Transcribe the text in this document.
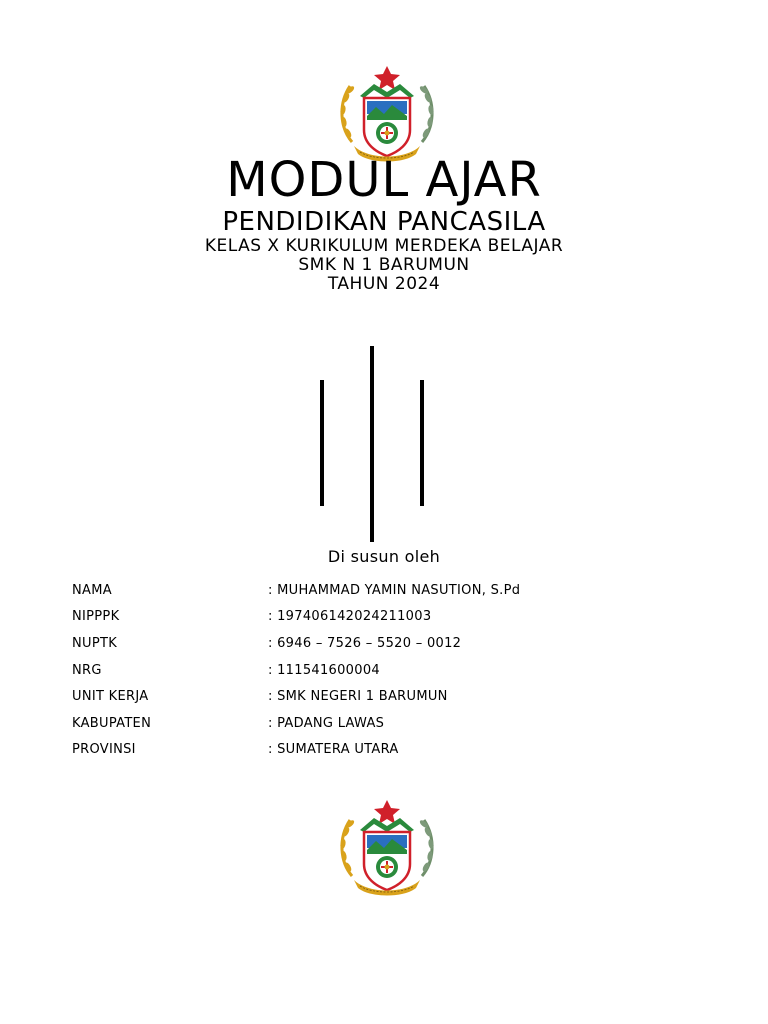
MODUL AJAR
PENDIDIKAN PANCASILA
KELAS X KURIKULUM MERDEKA BELAJAR
SMK N 1 BARUMUN
TAHUN 2024
Di susun oleh
NAMA	: MUHAMMAD YAMIN NASUTION, S.Pd
NIPPPK	: 197406142024211003
NUPTK	: 6946 – 7526 – 5520 – 0012
NRG	: 111541600004
UNIT KERJA	: SMK NEGERI 1 BARUMUN
KABUPATEN	: PADANG LAWAS
PROVINSI	: SUMATERA UTARA
